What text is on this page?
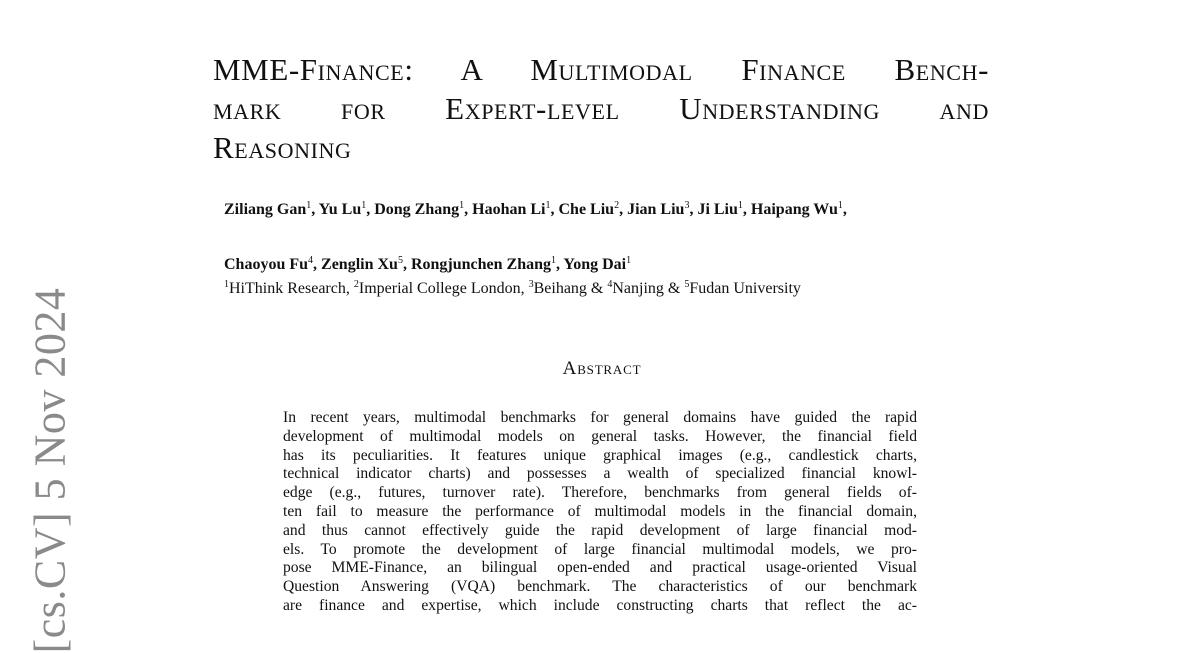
[cs.CV] 5 Nov 2024
MME-Finance: A Multimodal Finance Bench-
mark for Expert-level Understanding and
Reasoning
Ziliang Gan$^1$, Yu Lu$^1$, Dong Zhang$^1$, Haohan Li$^1$, Che Liu$^2$, Jian Liu$^3$, Ji Liu$^1$, Haipang Wu$^1$,
Chaoyou Fu$^4$, Zenglin Xu$^5$, Rongjunchen Zhang$^1$, Yong Dai$^1$
$^1$HiThink Research, $^2$Imperial College London, $^3$Beihang & $^4$Nanjing & $^5$Fudan University
Abstract
In recent years, multimodal benchmarks for general domains have guided the rapid
development of multimodal models on general tasks. However, the financial field
has its peculiarities. It features unique graphical images (e.g., candlestick charts,
technical indicator charts) and possesses a wealth of specialized financial knowl-
edge (e.g., futures, turnover rate). Therefore, benchmarks from general fields of-
ten fail to measure the performance of multimodal models in the financial domain,
and thus cannot effectively guide the rapid development of large financial mod-
els. To promote the development of large financial multimodal models, we pro-
pose MME-Finance, an bilingual open-ended and practical usage-oriented Visual
Question Answering (VQA) benchmark. The characteristics of our benchmark
are finance and expertise, which include constructing charts that reflect the ac-
